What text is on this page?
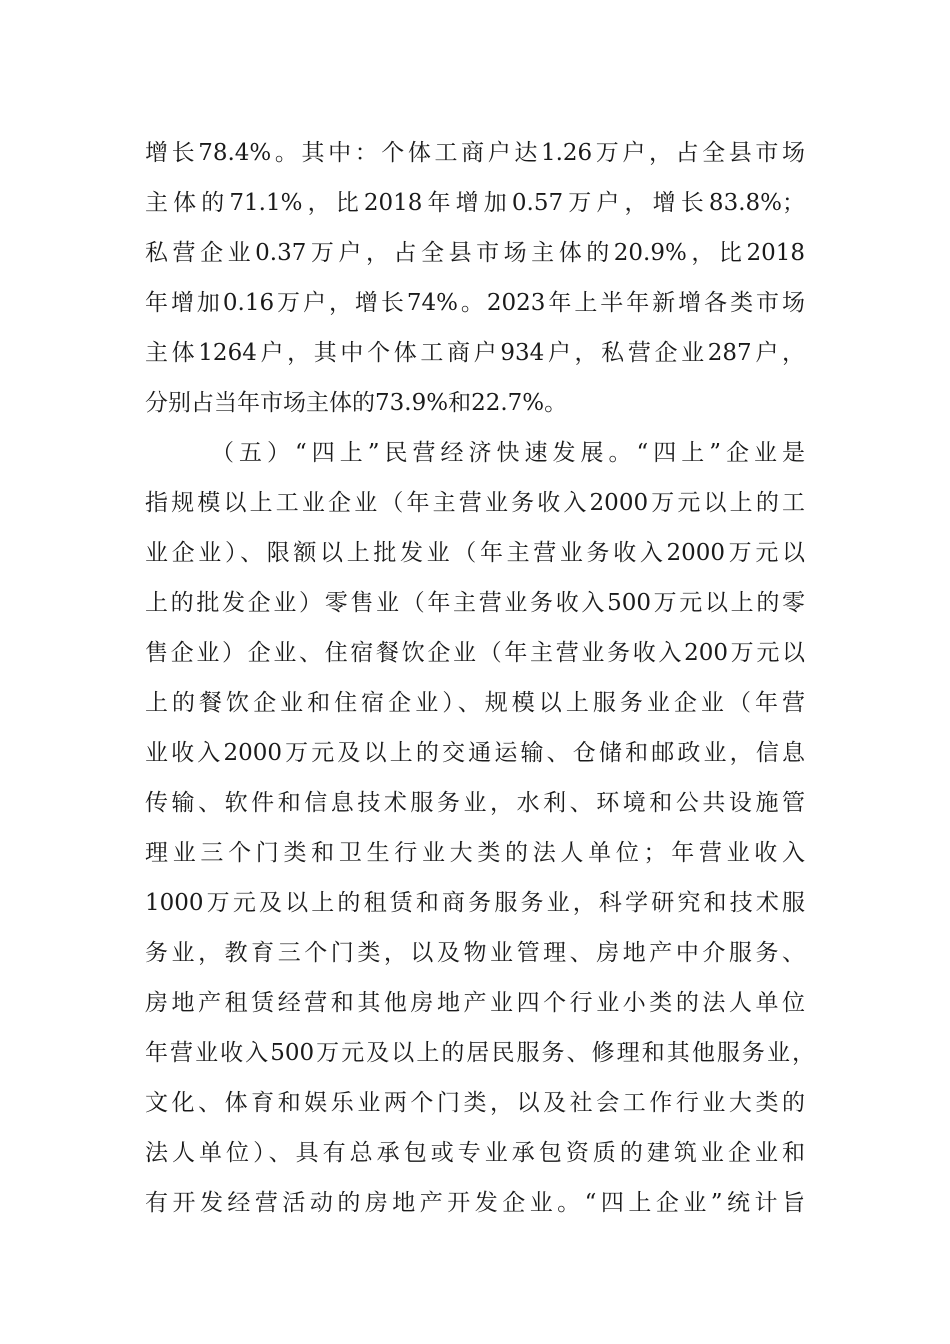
增长78.4%。其中：个体工商户达1.26万户，占全县市场
主体的71.1%，比2018年增加0.57万户，增长83.8%；
私营企业0.37万户，占全县市场主体的20.9%，比2018
年增加0.16万户，增长74%。2023年上半年新增各类市场
主体1264户，其中个体工商户934户，私营企业287户，
分别占当年市场主体的73.9%和22.7%。
（五）“四上”民营经济快速发展。“四上”企业是
指规模以上工业企业（年主营业务收入2000万元以上的工
业企业）、限额以上批发业（年主营业务收入2000万元以
上的批发企业）零售业（年主营业务收入500万元以上的零
售企业）企业、住宿餐饮企业（年主营业务收入200万元以
上的餐饮企业和住宿企业）、规模以上服务业企业（年营
业收入2000万元及以上的交通运输、仓储和邮政业，信息
传输、软件和信息技术服务业，水利、环境和公共设施管
理业三个门类和卫生行业大类的法人单位；年营业收入
1000万元及以上的租赁和商务服务业，科学研究和技术服
务业，教育三个门类，以及物业管理、房地产中介服务、
房地产租赁经营和其他房地产业四个行业小类的法人单位
年营业收入500万元及以上的居民服务、修理和其他服务业，
文化、体育和娱乐业两个门类，以及社会工作行业大类的
法人单位）、具有总承包或专业承包资质的建筑业企业和
有开发经营活动的房地产开发企业。“四上企业”统计旨
